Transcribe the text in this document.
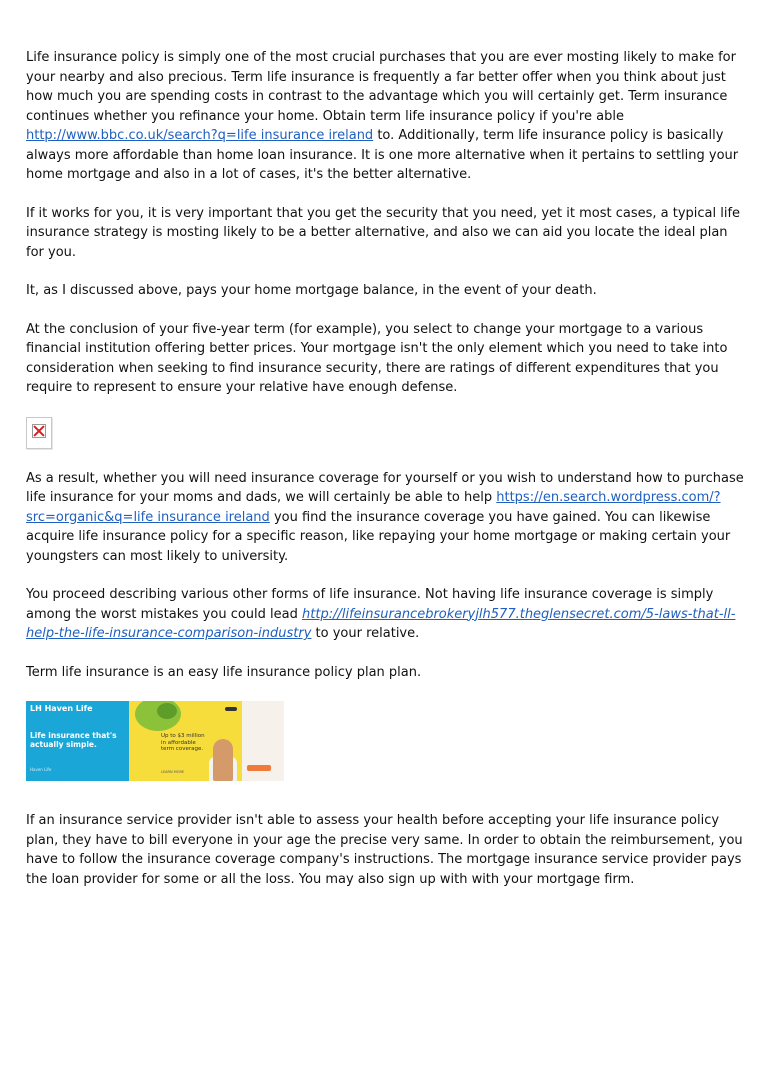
Life insurance policy is simply one of the most crucial purchases that you are ever mosting likely to make for your nearby and also precious. Term life insurance is frequently a far better offer when you think about just how much you are spending costs in contrast to the advantage which you will certainly get. Term insurance continues whether you refinance your home. Obtain term life insurance policy if you're able http://www.bbc.co.uk/search?q=life insurance ireland to. Additionally, term life insurance policy is basically always more affordable than home loan insurance. It is one more alternative when it pertains to settling your home mortgage and also in a lot of cases, it's the better alternative.

If it works for you, it is very important that you get the security that you need, yet it most cases, a typical life insurance strategy is mosting likely to be a better alternative, and also we can aid you locate the ideal plan for you.

It, as I discussed above, pays your home mortgage balance, in the event of your death.

At the conclusion of your five-year term (for example), you select to change your mortgage to a various financial institution offering better prices. Your mortgage isn't the only element which you need to take into consideration when seeking to find insurance security, there are ratings of different expenditures that you require to represent to ensure your relative have enough defense.

As a result, whether you will need insurance coverage for yourself or you wish to understand how to purchase life insurance for your moms and dads, we will certainly be able to help https://en.search.wordpress.com/?src=organic&q=life insurance ireland you find the insurance coverage you have gained. You can likewise acquire life insurance policy for a specific reason, like repaying your home mortgage or making certain your youngsters can most likely to university.

You proceed describing various other forms of life insurance. Not having life insurance coverage is simply among the worst mistakes you could lead http://lifeinsurancebrokeryjlh577.theglensecret.com/5-laws-that-ll-help-the-life-insurance-comparison-industry to your relative.

Term life insurance is an easy life insurance policy plan plan.

LH Haven Life
Life insurance that's actually simple.
Haven Life
Up to $3 million in affordable term coverage.
LEARN MORE

If an insurance service provider isn't able to assess your health before accepting your life insurance policy plan, they have to bill everyone in your age the precise very same. In order to obtain the reimbursement, you have to follow the insurance coverage company's instructions. The mortgage insurance service provider pays the loan provider for some or all the loss. You may also sign up with with your mortgage firm.
